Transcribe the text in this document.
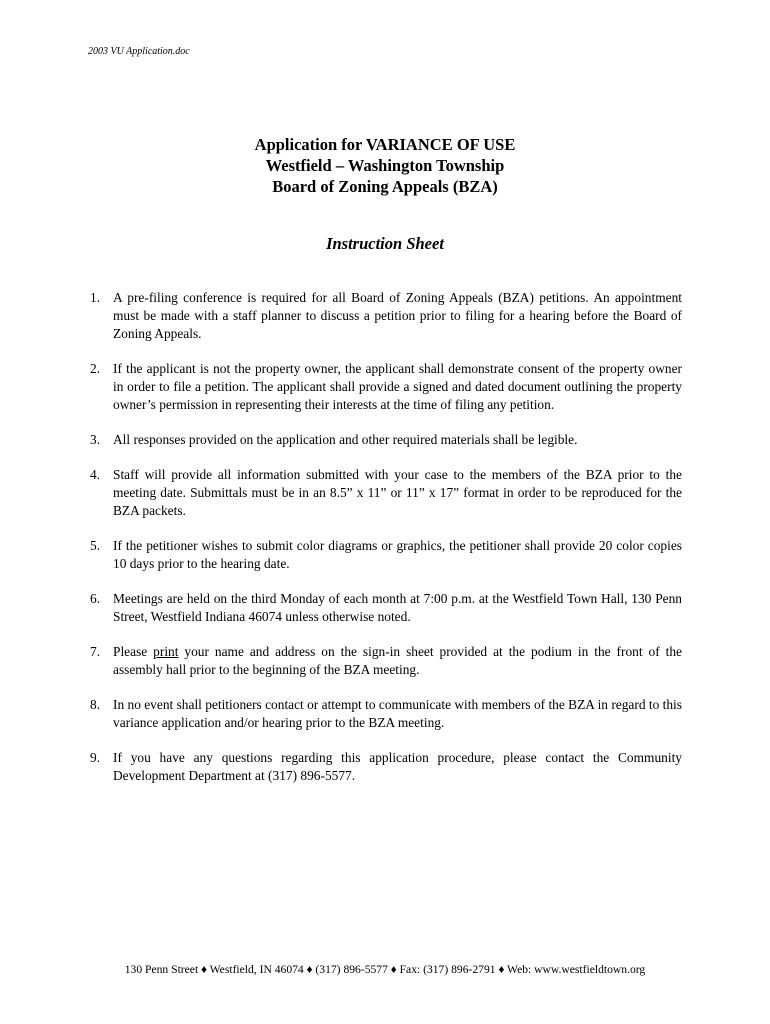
2003 VU Application.doc
Application for VARIANCE OF USE
Westfield – Washington Township
Board of Zoning Appeals (BZA)
Instruction Sheet
1. A pre-filing conference is required for all Board of Zoning Appeals (BZA) petitions. An appointment must be made with a staff planner to discuss a petition prior to filing for a hearing before the Board of Zoning Appeals.
2. If the applicant is not the property owner, the applicant shall demonstrate consent of the property owner in order to file a petition. The applicant shall provide a signed and dated document outlining the property owner’s permission in representing their interests at the time of filing any petition.
3. All responses provided on the application and other required materials shall be legible.
4. Staff will provide all information submitted with your case to the members of the BZA prior to the meeting date. Submittals must be in an 8.5” x 11” or 11” x 17” format in order to be reproduced for the BZA packets.
5. If the petitioner wishes to submit color diagrams or graphics, the petitioner shall provide 20 color copies 10 days prior to the hearing date.
6. Meetings are held on the third Monday of each month at 7:00 p.m. at the Westfield Town Hall, 130 Penn Street, Westfield Indiana 46074 unless otherwise noted.
7. Please print your name and address on the sign-in sheet provided at the podium in the front of the assembly hall prior to the beginning of the BZA meeting.
8. In no event shall petitioners contact or attempt to communicate with members of the BZA in regard to this variance application and/or hearing prior to the BZA meeting.
9. If you have any questions regarding this application procedure, please contact the Community Development Department at (317) 896-5577.
130 Penn Street ♦ Westfield, IN 46074 ♦ (317) 896-5577 ♦ Fax: (317) 896-2791 ♦ Web: www.westfieldtown.org
